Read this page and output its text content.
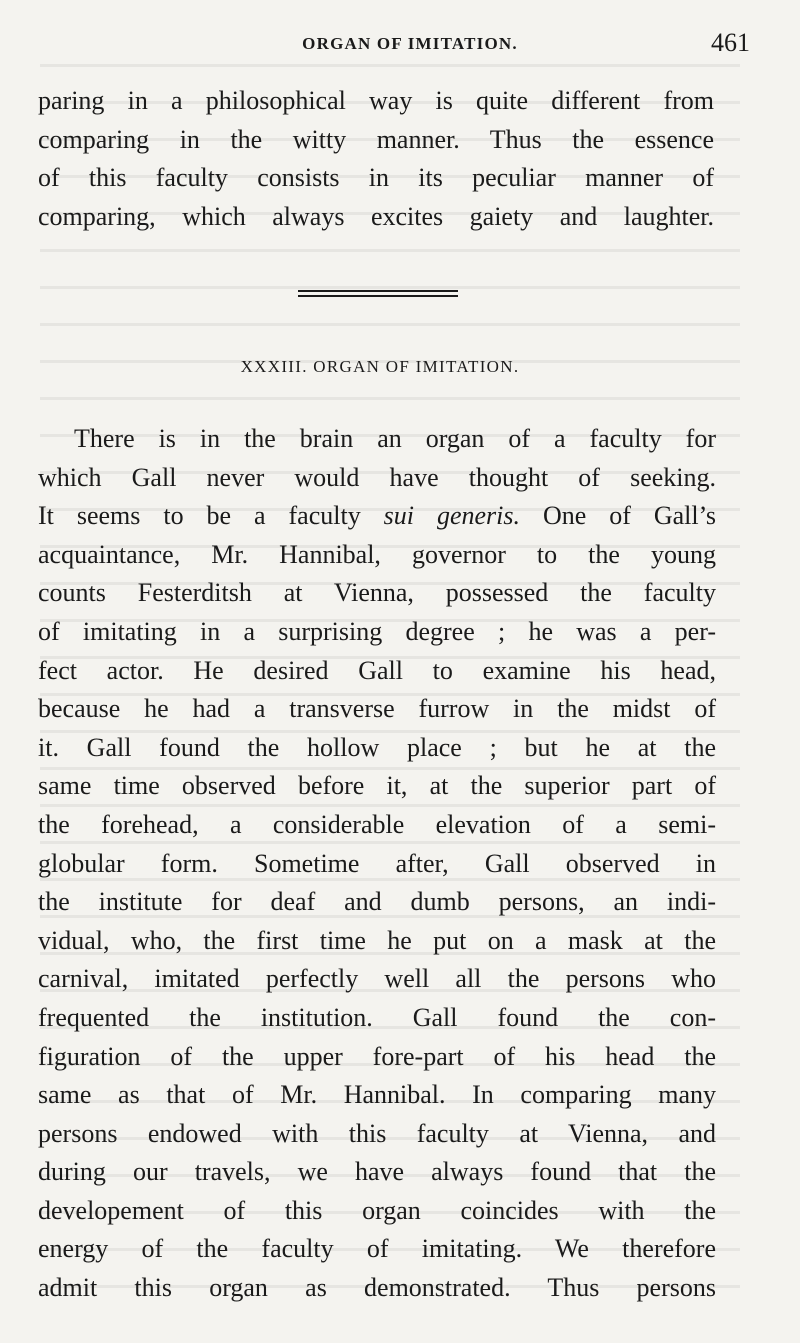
ORGAN OF IMITATION.	461
paring in a philosophical way is quite different from
comparing in the witty manner. Thus the essence
of this faculty consists in its peculiar manner of
comparing, which always excites gaiety and laughter.
XXXIII. ORGAN OF IMITATION.
There is in the brain an organ of a faculty for
which Gall never would have thought of seeking.
It seems to be a faculty sui generis. One of Gall’s
acquaintance, Mr. Hannibal, governor to the young
counts Festerditsh at Vienna, possessed the faculty
of imitating in a surprising degree ; he was a per-
fect actor. He desired Gall to examine his head,
because he had a transverse furrow in the midst of
it. Gall found the hollow place ; but he at the
same time observed before it, at the superior part of
the forehead, a considerable elevation of a semi-
globular form. Sometime after, Gall observed in
the institute for deaf and dumb persons, an indi-
vidual, who, the first time he put on a mask at the
carnival, imitated perfectly well all the persons who
frequented the institution. Gall found the con-
figuration of the upper fore-part of his head the
same as that of Mr. Hannibal. In comparing many
persons endowed with this faculty at Vienna, and
during our travels, we have always found that the
developement of this organ coincides with the
energy of the faculty of imitating. We therefore
admit this organ as demonstrated. Thus persons
